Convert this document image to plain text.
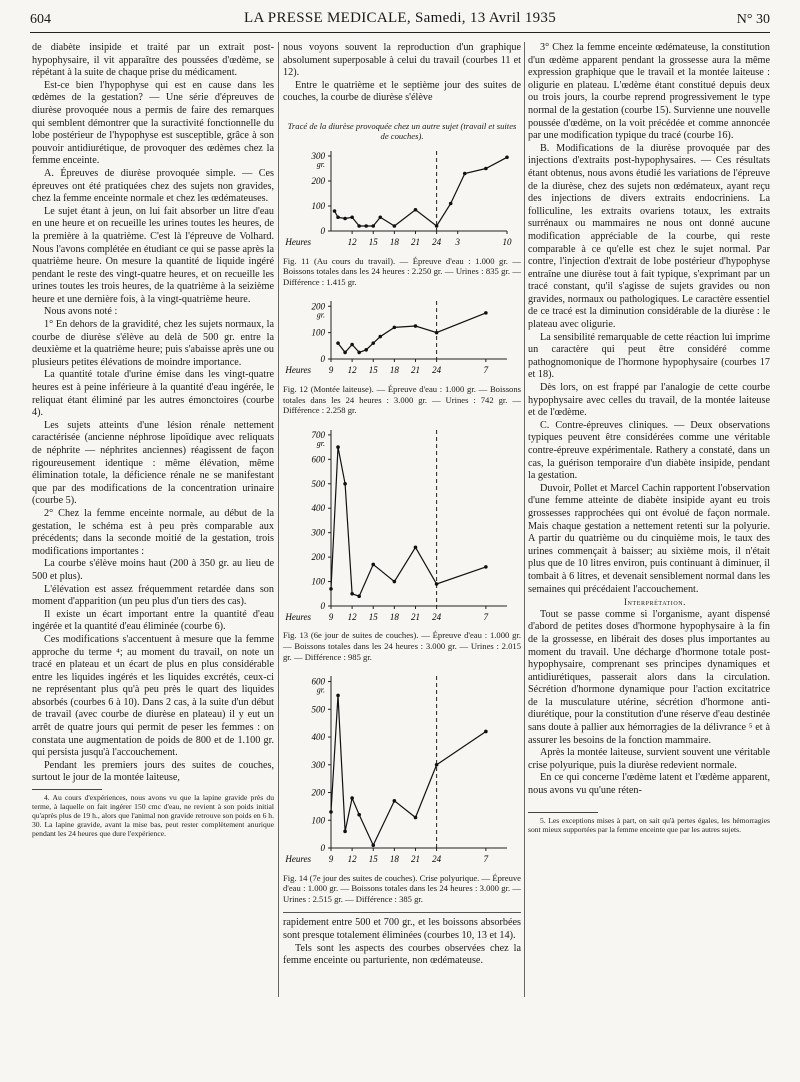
604	LA PRESSE MEDICALE, Samedi, 13 Avril 1935	N° 30

de diabète insipide et traité par un extrait post-hypophysaire, il vit apparaître des poussées d'œdème, se répétant à la suite de chaque prise du médicament.

Est-ce bien l'hypophyse qui est en cause dans les œdèmes de la gestation? — Une série d'épreuves de diurèse provoquée nous a permis de faire des remarques qui semblent démontrer que la suractivité fonctionnelle du lobe postérieur de l'hypophyse est susceptible, grâce à son pouvoir antidiurétique, de provoquer des œdèmes chez la femme enceinte.

A. Épreuves de diurèse provoquée simple. — Ces épreuves ont été pratiquées chez des sujets non gravides, chez la femme enceinte normale et chez les œdémateuses.

Le sujet étant à jeun, on lui fait absorber un litre d'eau en une heure et on recueille les urines toutes les heures, de la première à la quatrième. C'est là l'épreuve de Volhard. Nous l'avons complétée en étudiant ce qui se passe après la quatrième heure. On mesure la quantité de liquide ingéré pendant le reste des vingt-quatre heures, et on recueille les urines toutes les trois heures, de la quatrième à la seizième heure et une dernière fois, à la vingt-quatrième heure.

Nous avons noté :

1° En dehors de la gravidité, chez les sujets normaux, la courbe de diurèse s'élève au delà de 500 gr. entre la deuxième et la quatrième heure; puis s'abaisse après une ou plusieurs petites élévations de moindre importance.

La quantité totale d'urine émise dans les vingt-quatre heures est à peine inférieure à la quantité d'eau ingérée, le reliquat étant éliminé par les autres émonctoires (courbe 4).

Les sujets atteints d'une lésion rénale nettement caractérisée (ancienne néphrose lipoïdique avec reliquats de néphrite — néphrites anciennes) réagissent de façon rigoureusement identique : même élévation, même élimination totale, la déficience rénale ne se manifestant que par des modifications de la concentration urinaire (courbe 5).

2° Chez la femme enceinte normale, au début de la gestation, le schéma est à peu près comparable aux précédents; dans la seconde moitié de la gestation, trois modifications importantes :

La courbe s'élève moins haut (200 à 350 gr. au lieu de 500 et plus).

L'élévation est assez fréquemment retardée dans son moment d'apparition (un peu plus d'un tiers des cas).

Il existe un écart important entre la quantité d'eau ingérée et la quantité d'eau éliminée (courbe 6).

Ces modifications s'accentuent à mesure que la femme approche du terme ⁴; au moment du travail, on note un tracé en plateau et un écart de plus en plus considérable entre les liquides ingérés et les liquides excrétés, ceux-ci ne représentant plus qu'à peu près le quart des liquides absorbés (courbes 6 à 10). Dans 2 cas, à la suite d'un début de travail (avec courbe de diurèse en plateau) il y eut un arrêt de quatre jours qui permit de peser les femmes : on constata une augmentation de poids de 800 et de 1.100 gr. qui persista jusqu'à l'accouchement.

Pendant les premiers jours des suites de couches, surtout le jour de la montée laiteuse,

4. Au cours d'expériences, nous avons vu que la lapine gravide près du terme, à laquelle on fait ingérer 150 cmc d'eau, ne revient à son poids initial qu'après plus de 19 h., alors que l'animal non gravide retrouve son poids en 6 h. 30. La lapine gravide, avant la mise bas, peut rester complètement anurique pendant les 24 heures que dure l'expérience.

nous voyons souvent la reproduction d'un graphique absolument superposable à celui du travail (courbes 11 et 12).

Entre le quatrième et le septième jour des suites de couches, la courbe de diurèse s'élève

Tracé de la diurèse provoquée chez un autre sujet (travail et suites de couches).
0
100
200
300
gr.
Heures	12 15 18 21 24 3	10
Fig. 11 (Au cours du travail). — Épreuve d'eau : 1.000 gr. — Boissons totales dans les 24 heures : 2.250 gr. — Urines : 835 gr. — Différence : 1.415 gr.
0
100
200
gr.
Heures 9 12 15 18 21 24	7
Fig. 12 (Montée laiteuse). — Épreuve d'eau : 1.000 gr. — Boissons totales dans les 24 heures : 3.000 gr. — Urines : 742 gr. — Différence : 2.258 gr.
0
100
200
300
400
500
600
700
gr.
Heures 9 12 15 18 21 24	7
Fig. 13 (6e jour de suites de couches). — Épreuve d'eau : 1.000 gr. — Boissons totales dans les 24 heures : 3.000 gr. — Urines : 2.015 gr. — Différence : 985 gr.
0
100
200
300
400
500
600
gr.
Heures 9 12 15 18 21 24	7
Fig. 14 (7e jour des suites de couches). Crise polyurique. — Épreuve d'eau : 1.000 gr. — Boissons totales dans les 24 heures : 3.000 gr. — Urines : 2.515 gr. — Différence : 385 gr.

rapidement entre 500 et 700 gr., et les boissons absorbées sont presque totalement éliminées (courbes 10, 13 et 14).

Tels sont les aspects des courbes observées chez la femme enceinte ou parturiente, non œdémateuse.

3° Chez la femme enceinte œdémateuse, la constitution d'un œdème apparent pendant la grossesse aura la même expression graphique que le travail et la montée laiteuse : oligurie en plateau. L'œdème étant constitué depuis deux ou trois jours, la courbe reprend progressivement le type normal de la gestation (courbe 15). Survienne une nouvelle poussée d'œdème, on la voit précédée et comme annoncée par une modification typique du tracé (courbe 16).

B. Modifications de la diurèse provoquée par des injections d'extraits post-hypophysaires. — Ces résultats étant obtenus, nous avons étudié les variations de l'épreuve de la diurèse, chez des sujets non œdémateux, ayant reçu des injections de divers extraits endocriniens. La folliculine, les extraits ovariens totaux, les extraits surrénaux ou mammaires ne nous ont donné aucune modification appréciable de la courbe, qui reste comparable à ce qu'elle est chez le sujet normal. Par contre, l'injection d'extrait de lobe postérieur d'hypophyse entraîne une diurèse tout à fait typique, s'exprimant par un tracé constant, qu'il s'agisse de sujets gravides ou non gravides, normaux ou pathologiques. Le caractère essentiel de ce tracé est la diminution considérable de la diurèse : le plateau avec oligurie.

La sensibilité remarquable de cette réaction lui imprime un caractère qui peut être considéré comme pathognomonique de l'hormone hypophysaire (courbes 17 et 18).

Dès lors, on est frappé par l'analogie de cette courbe hypophysaire avec celles du travail, de la montée laiteuse et de l'œdème.

C. Contre-épreuves cliniques. — Deux observations typiques peuvent être considérées comme une véritable contre-épreuve expérimentale. Rathery a constaté, dans un cas, la guérison temporaire d'un diabète insipide, pendant la gestation.

Duvoir, Pollet et Marcel Cachin rapportent l'observation d'une femme atteinte de diabète insipide ayant eu trois grossesses rapprochées qui ont évolué de façon normale. Mais chaque gestation a nettement retenti sur la polyurie. A partir du quatrième ou du cinquième mois, le taux des urines commençait à baisser; au sixième mois, il n'était plus que de 10 litres environ, puis continuant à diminuer, il tombait à 6 litres, et devenait sensiblement normal dans les semaines qui précédaient l'accouchement.

Interprétation.

Tout se passe comme si l'organisme, ayant dispensé d'abord de petites doses d'hormone hypophysaire à la fin de la grossesse, en libérait des doses plus importantes au moment du travail. Une décharge d'hormone totale post-hypophysaire, comprenant ses principes dynamiques et antidiurétiques, passerait alors dans la circulation. Sécrétion d'hormone dynamique pour l'action excitatrice de la musculature utérine, sécrétion d'hormone anti-diurétique, pour la constitution d'une réserve d'eau destinée sans doute à pallier aux hémorragies de la délivrance ⁵ et à assurer les besoins de la fonction mammaire.

Après la montée laiteuse, survient souvent une véritable crise polyurique, puis la diurèse redevient normale.

En ce qui concerne l'œdème latent et l'œdème apparent, nous avons vu qu'une réten-

5. Les exceptions mises à part, on sait qu'à pertes égales, les hémorragies sont mieux supportées par la femme enceinte que par les autres sujets.
